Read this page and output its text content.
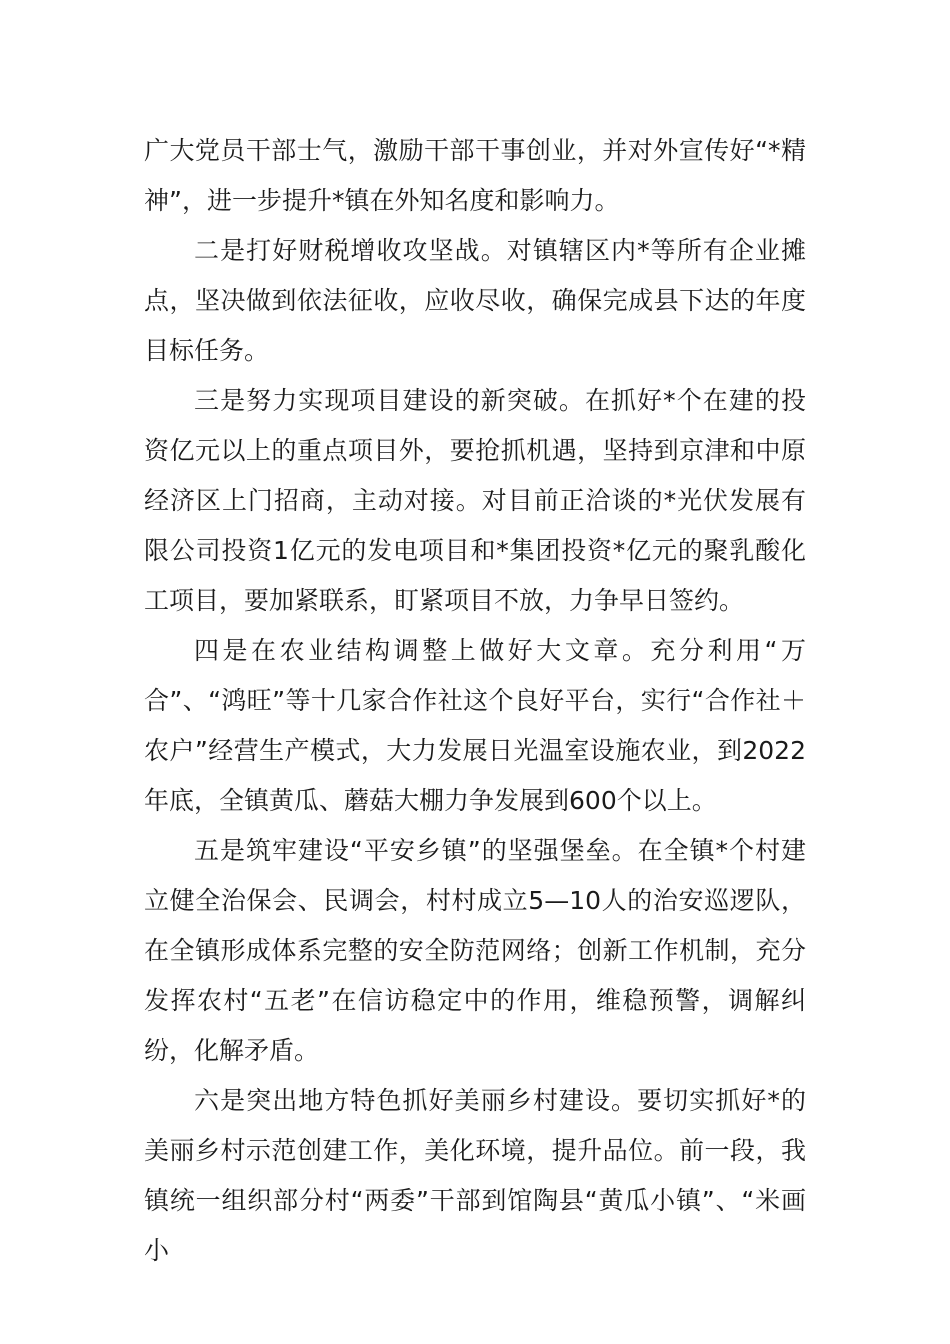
广大党员干部士气，激励干部干事创业，并对外宣传好“*精神”，进一步提升*镇在外知名度和影响力。

二是打好财税增收攻坚战。对镇辖区内*等所有企业摊点，坚决做到依法征收，应收尽收，确保完成县下达的年度目标任务。

三是努力实现项目建设的新突破。在抓好*个在建的投资亿元以上的重点项目外，要抢抓机遇，坚持到京津和中原经济区上门招商，主动对接。对目前正洽谈的*光伏发展有限公司投资1亿元的发电项目和*集团投资*亿元的聚乳酸化工项目，要加紧联系，盯紧项目不放，力争早日签约。

四是在农业结构调整上做好大文章。充分利用“万合”、“鸿旺”等十几家合作社这个良好平台，实行“合作社＋农户”经营生产模式，大力发展日光温室设施农业，到2022年底，全镇黄瓜、蘑菇大棚力争发展到600个以上。

五是筑牢建设“平安乡镇”的坚强堡垒。在全镇*个村建立健全治保会、民调会，村村成立5—10人的治安巡逻队，在全镇形成体系完整的安全防范网络；创新工作机制，充分发挥农村“五老”在信访稳定中的作用，维稳预警，调解纠纷，化解矛盾。

六是突出地方特色抓好美丽乡村建设。要切实抓好*的美丽乡村示范创建工作，美化环境，提升品位。前一段，我镇统一组织部分村“两委”干部到馆陶县“黄瓜小镇”、“米画小
